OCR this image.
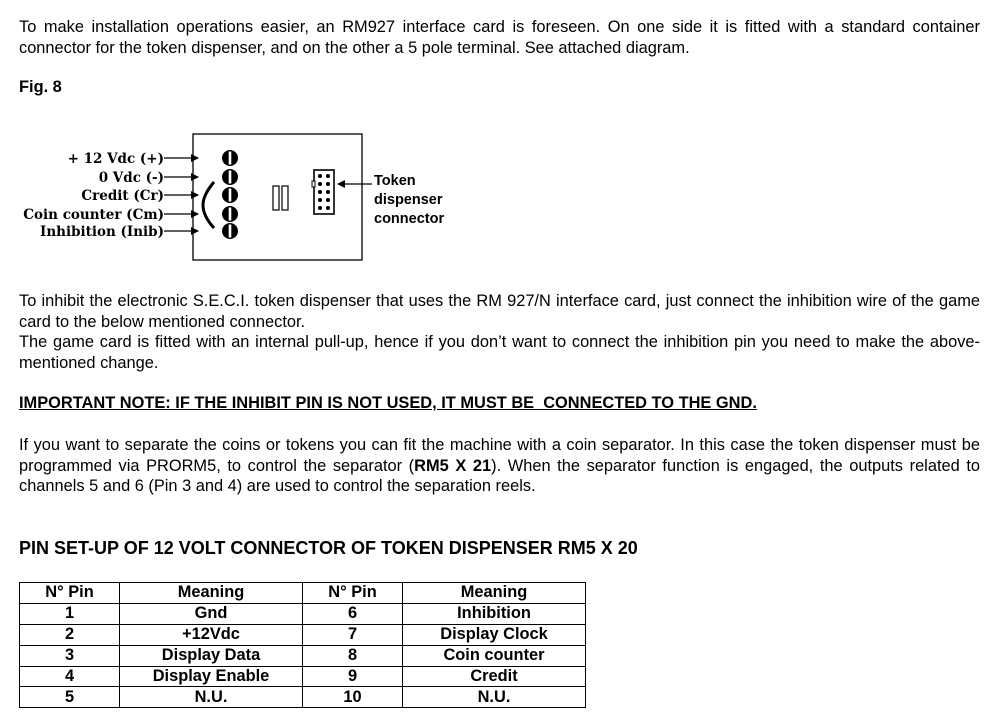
To make installation operations easier, an RM927 interface card is foreseen. On one side it is fitted with a standard container connector for the token dispenser, and on the other a 5 pole terminal. See attached diagram.

Fig. 8

+ 12 Vdc (+)
0 Vdc (-)
Credit (Cr)
Coin counter (Cm)
Inhibition (Inib)
Token
dispenser
connector

To inhibit the electronic S.E.C.I. token dispenser that uses the RM 927/N interface card, just connect the inhibition wire of the game card to the below mentioned connector.

The game card is fitted with an internal pull-up, hence if you don’t want to connect the inhibition pin you need to make the above-mentioned change.

IMPORTANT NOTE: IF THE INHIBIT PIN IS NOT USED, IT MUST BE  CONNECTED TO THE GND.

If you want to separate the coins or tokens you can fit the machine with a coin separator. In this case the token dispenser must be programmed via PRORM5, to control the separator (RM5 X 21). When the separator function is engaged, the outputs related to channels 5 and 6 (Pin 3 and 4) are used to control the separation reels.

PIN SET-UP OF 12 VOLT CONNECTOR OF TOKEN DISPENSER RM5 X 20

N° Pin	Meaning	N° Pin	Meaning
1	Gnd	6	Inhibition
2	+12Vdc	7	Display Clock
3	Display Data	8	Coin counter
4	Display Enable	9	Credit
5	N.U.	10	N.U.
